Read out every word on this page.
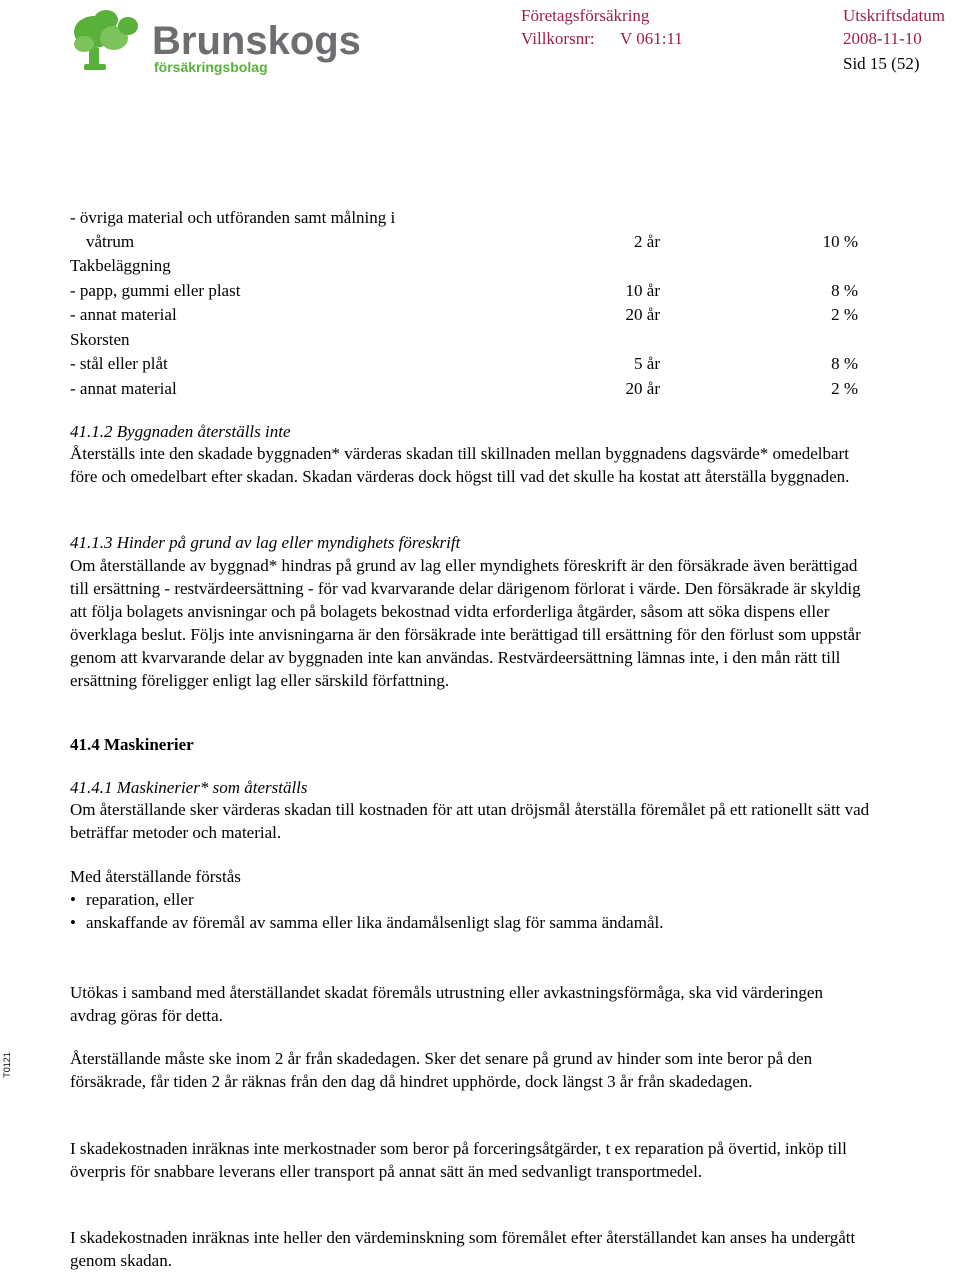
Brunskogs
försäkringsbolag
Företagsförsäkring
Villkorsnr: V 061:11
Utskriftsdatum
2008-11-10
Sid 15 (52)
- övriga material och utföranden samt målning i
våtrum	2 år	10 %
Takbeläggning
- papp, gummi eller plast	10 år	8 %
- annat material	20 år	2 %
Skorsten
- stål eller plåt	5 år	8 %
- annat material	20 år	2 %
41.1.2 Byggnaden återställs inte
Återställs inte den skadade byggnaden* värderas skadan till skillnaden mellan byggnadens dagsvärde* omedelbart före och omedelbart efter skadan. Skadan värderas dock högst till vad det skulle ha kostat att återställa byggnaden.
41.1.3 Hinder på grund av lag eller myndighets föreskrift
Om återställande av byggnad* hindras på grund av lag eller myndighets föreskrift är den försäkrade även berättigad till ersättning - restvärdeersättning - för vad kvarvarande delar därigenom förlorat i värde. Den försäkrade är skyldig att följa bolagets anvisningar och på bolagets bekostnad vidta erforderliga åtgärder, såsom att söka dispens eller överklaga beslut. Följs inte anvisningarna är den försäkrade inte berättigad till ersättning för den förlust som uppstår genom att kvarvarande delar av byggnaden inte kan användas. Restvärdeersättning lämnas inte, i den mån rätt till ersättning föreligger enligt lag eller särskild författning.
41.4 Maskinerier
41.4.1 Maskinerier* som återställs
Om återställande sker värderas skadan till kostnaden för att utan dröjsmål återställa föremålet på ett rationellt sätt vad beträffar metoder och material.
Med återställande förstås
• reparation, eller
• anskaffande av föremål av samma eller lika ändamålsenligt slag för samma ändamål.
Utökas i samband med återställandet skadat föremåls utrustning eller avkastningsförmåga, ska vid värderingen avdrag göras för detta.
Återställande måste ske inom 2 år från skadedagen. Sker det senare på grund av hinder som inte beror på den försäkrade, får tiden 2 år räknas från den dag då hindret upphörde, dock längst 3 år från skadedagen.
I skadekostnaden inräknas inte merkostnader som beror på forceringsåtgärder, t ex reparation på övertid, inköp till överpris för snabbare leverans eller transport på annat sätt än med sedvanligt transportmedel.
I skadekostnaden inräknas inte heller den värdeminskning som föremålet efter återställandet kan anses ha undergått genom skadan.
T0121
